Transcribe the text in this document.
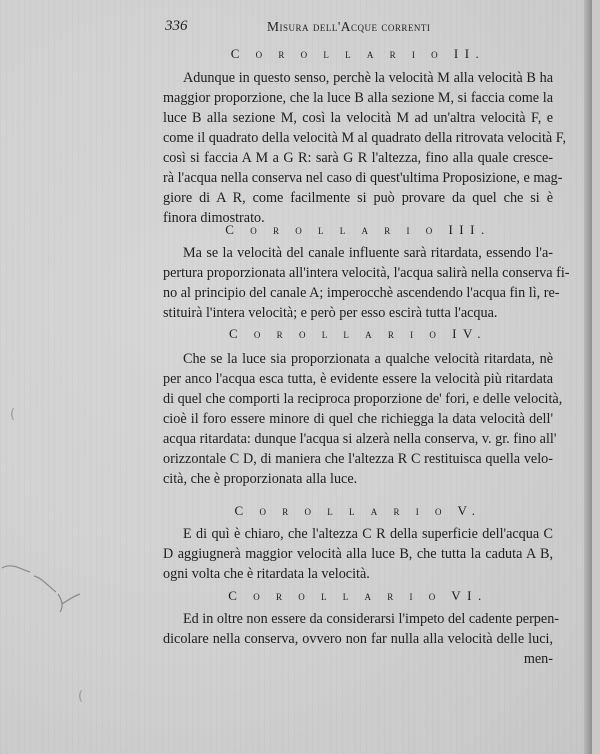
336	Misura dell'Acque correnti
C o r o l l a r i o II.
Adunque in questo senso, perchè la velocità M alla velocità B ha
maggior proporzione, che la luce B alla sezione M, si faccia come la
luce B alla sezione M, così la velocità M ad un'altra velocità F, e
come il quadrato della velocità M al quadrato della ritrovata velocità F,
così si faccia A M a G R: sarà G R l'altezza, fino alla quale cresce-
rà l'acqua nella conserva nel caso di quest'ultima Proposizione, e mag-
giore di A R, come facilmente si può provare da quel che si è
finora dimostrato.
C o r o l l a r i o III.
Ma se la velocità del canale influente sarà ritardata, essendo l'a-
pertura proporzionata all'intera velocità, l'acqua salirà nella conserva fi-
no al principio del canale A; imperocchè ascendendo l'acqua fin lì, re-
stituirà l'intera velocità; e però per esso escirà tutta l'acqua.
C o r o l l a r i o IV.
Che se la luce sia proporzionata a qualche velocità ritardata, nè
per anco l'acqua esca tutta, è evidente essere la velocità più ritardata
di quel che comporti la reciproca proporzione de' fori, e delle velocità,
cioè il foro essere minore di quel che richiegga la data velocità dell'
acqua ritardata: dunque l'acqua si alzerà nella conserva, v. gr. fino all'
orizzontale C D, di maniera che l'altezza R C restituisca quella velo-
cità, che è proporzionata alla luce.
C o r o l l a r i o V.
E di quì è chiaro, che l'altezza C R della superficie dell'acqua C
D aggiugnerà maggior velocità alla luce B, che tutta la caduta A B,
ogni volta che è ritardata la velocità.
C o r o l l a r i o VI.
Ed in oltre non essere da considerarsi l'impeto del cadente perpen-
dicolare nella conserva, ovvero non far nulla alla velocità delle luci,
men-
(
(
